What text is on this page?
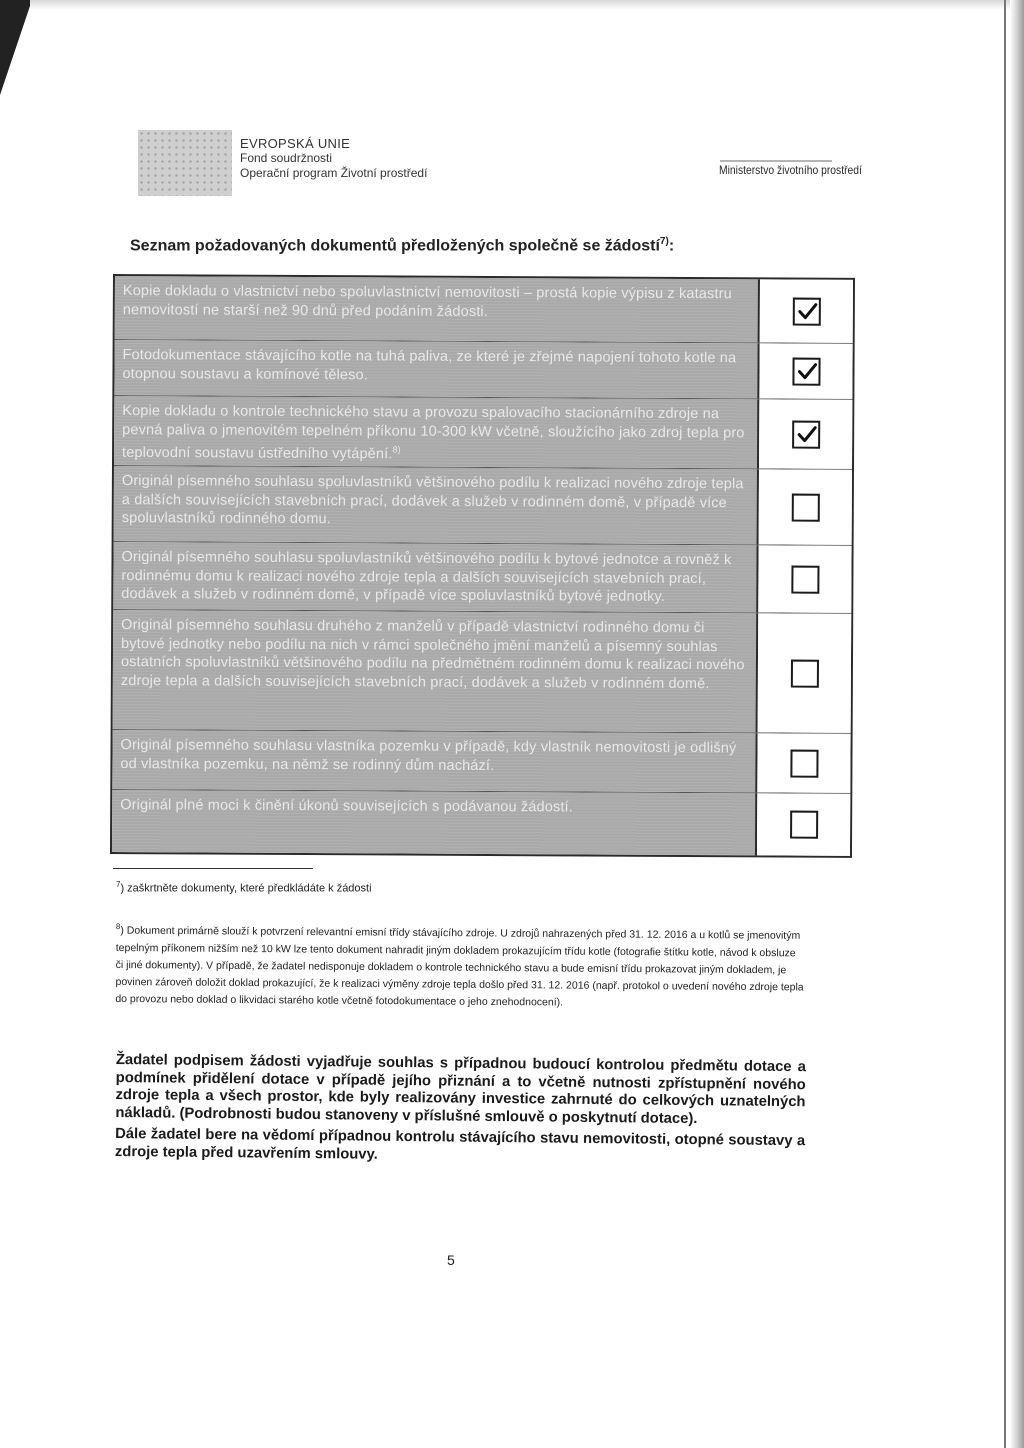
EVROPSKÁ UNIE
Fond soudržnosti
Operační program Životní prostředí	Ministerstvo životního prostředí
Seznam požadovaných dokumentů předložených společně se žádostí$^{7)}$:
Kopie dokladu o vlastnictví nebo spoluvlastnictví nemovitosti – prostá kopie výpisu z katastru nemovitostí ne starší než 90 dnů před podáním žádosti.
Fotodokumentace stávajícího kotle na tuhá paliva, ze které je zřejmé napojení tohoto kotle na otopnou soustavu a komínové těleso.
Kopie dokladu o kontrole technického stavu a provozu spalovacího stacionárního zdroje na pevná paliva o jmenovitém tepelném příkonu 10-300 kW včetně, sloužícího jako zdroj tepla pro teplovodní soustavu ústředního vytápění.$^{8)}$
Originál písemného souhlasu spoluvlastníků většinového podílu k realizaci nového zdroje tepla a dalších souvisejících stavebních prací, dodávek a služeb v rodinném domě, v případě více spoluvlastníků rodinného domu.
Originál písemného souhlasu spoluvlastníků většinového podílu k bytové jednotce a rovněž k rodinnému domu k realizaci nového zdroje tepla a dalších souvisejících stavebních prací, dodávek a služeb v rodinném domě, v případě více spoluvlastníků bytové jednotky.
Originál písemného souhlasu druhého z manželů v případě vlastnictví rodinného domu či bytové jednotky nebo podílu na nich v rámci společného jmění manželů a písemný souhlas ostatních spoluvlastníků většinového podílu na předmětném rodinném domu k realizaci nového zdroje tepla a dalších souvisejících stavebních prací, dodávek a služeb v rodinném domě.
Originál písemného souhlasu vlastníka pozemku v případě, kdy vlastník nemovitosti je odlišný od vlastníka pozemku, na němž se rodinný dům nachází.
Originál plné moci k činění úkonů souvisejících s podávanou žádostí.
$^7$) zaškrtněte dokumenty, které předkládáte k žádosti
$^8$) Dokument primárně slouží k potvrzení relevantní emisní třídy stávajícího zdroje. U zdrojů nahrazených před 31. 12. 2016 a u kotlů se jmenovitým tepelným příkonem nižším než 10 kW lze tento dokument nahradit jiným dokladem prokazujícím třídu kotle (fotografie štítku kotle, návod k obsluze či jiné dokumenty). V případě, že žadatel nedisponuje dokladem o kontrole technického stavu a bude emisní třídu prokazovat jiným dokladem, je povinen zároveň doložit doklad prokazující, že k realizaci výměny zdroje tepla došlo před 31. 12. 2016 (např. protokol o uvedení nového zdroje tepla do provozu nebo doklad o likvidaci starého kotle včetně fotodokumentace o jeho znehodnocení).

Žadatel podpisem žádosti vyjadřuje souhlas s případnou budoucí kontrolou předmětu dotace a podmínek přidělení dotace v případě jejího přiznání a to včetně nutnosti zpřístupnění nového zdroje tepla a všech prostor, kde byly realizovány investice zahrnuté do celkových uznatelných nákladů. (Podrobnosti budou stanoveny v příslušné smlouvě o poskytnutí dotace).

Dále žadatel bere na vědomí případnou kontrolu stávajícího stavu nemovitosti, otopné soustavy a zdroje tepla před uzavřením smlouvy.

5
